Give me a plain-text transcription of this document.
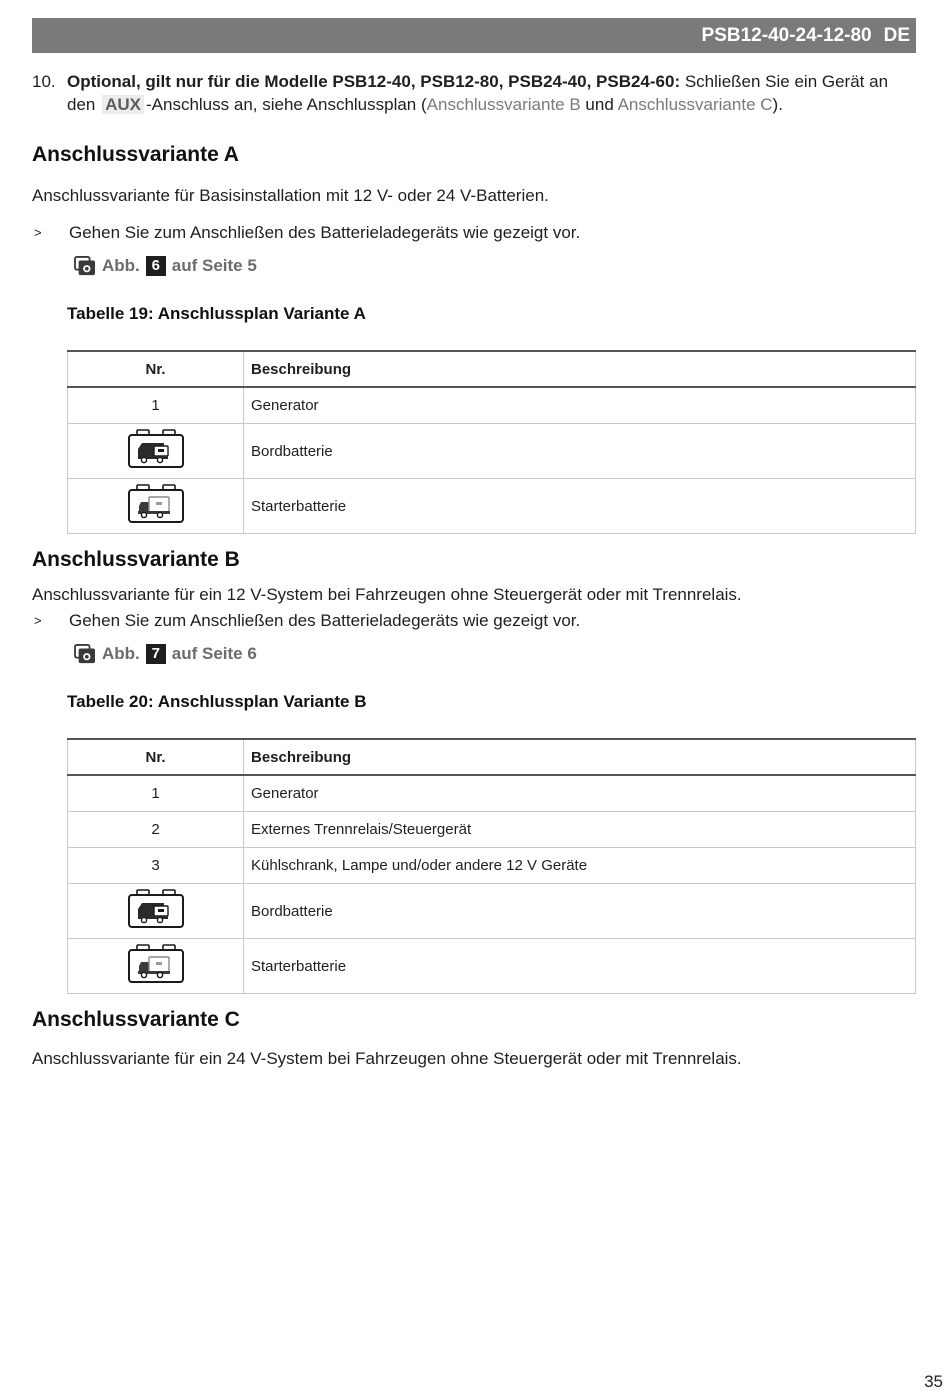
PSB12-40-24-12-80 DE
10. Optional, gilt nur für die Modelle PSB12-40, PSB12-80, PSB24-40, PSB24-60: Schließen Sie ein Gerät an den AUX -Anschluss an, siehe Anschlussplan (Anschlussvariante B und Anschlussvariante C).
Anschlussvariante A

Anschlussvariante für Basisinstallation mit 12 V- oder 24 V-Batterien.

>	Gehen Sie zum Anschließen des Batterieladegeräts wie gezeigt vor.
Abb. 6 auf Seite 5

Tabelle 19: Anschlussplan Variante A

Nr.	Beschreibung
1	Generator
	Bordbatterie
	Starterbatterie
Anschlussvariante B

Anschlussvariante für ein 12 V-System bei Fahrzeugen ohne Steuergerät oder mit Trennrelais.

>	Gehen Sie zum Anschließen des Batterieladegeräts wie gezeigt vor.
Abb. 7 auf Seite 6

Tabelle 20: Anschlussplan Variante B

Nr.	Beschreibung
1	Generator
2	Externes Trennrelais/Steuergerät
3	Kühlschrank, Lampe und/oder andere 12 V Geräte
	Bordbatterie
	Starterbatterie
Anschlussvariante C

Anschlussvariante für ein 24 V-System bei Fahrzeugen ohne Steuergerät oder mit Trennrelais.

35
